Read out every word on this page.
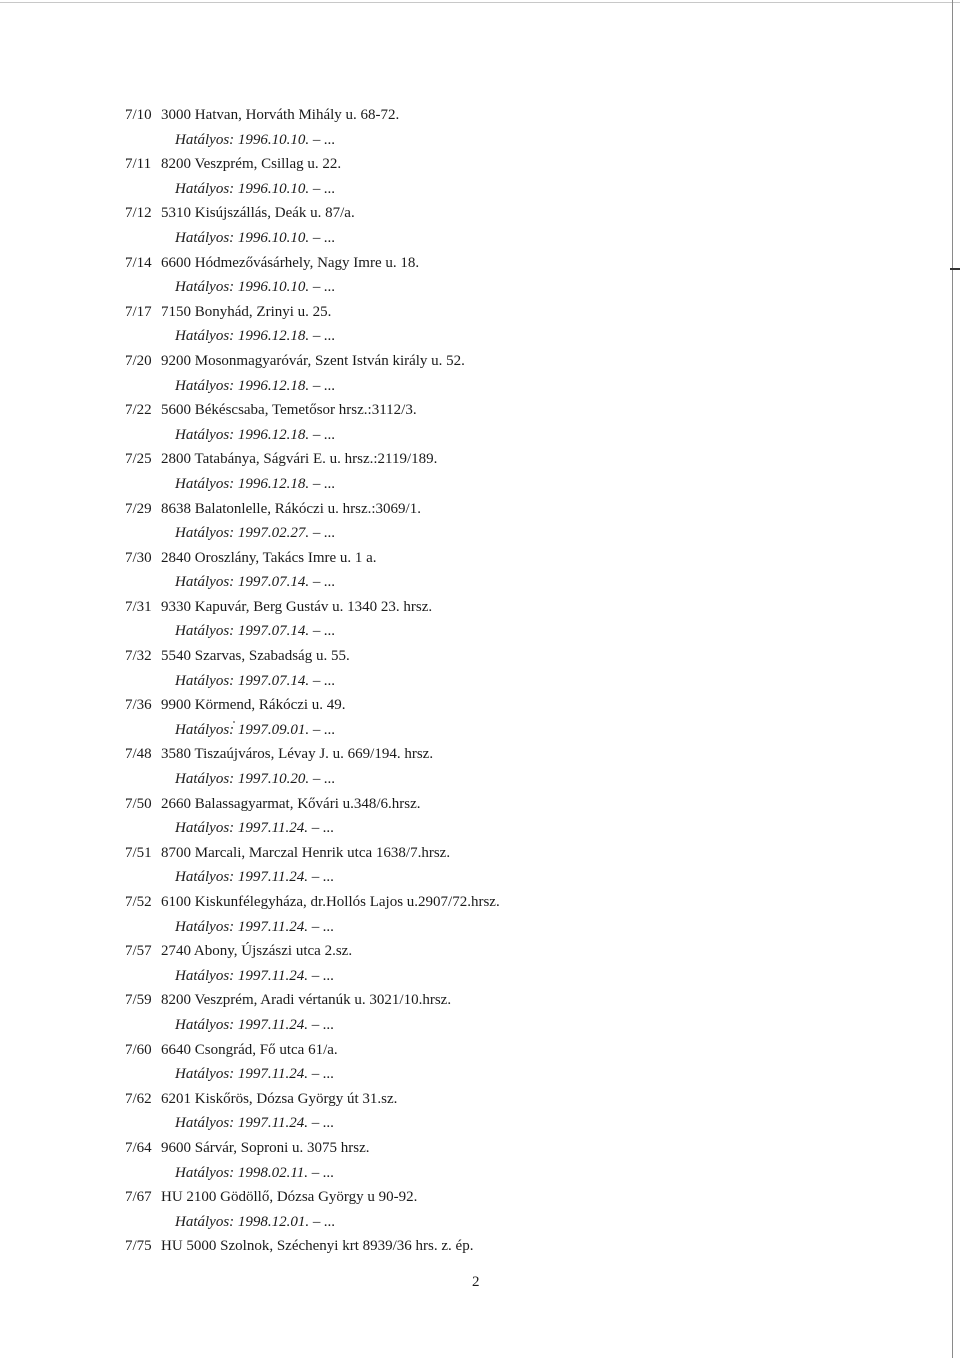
7/10 3000 Hatvan, Horváth Mihály u. 68-72.
Hatályos: 1996.10.10. – ...
7/11 8200 Veszprém, Csillag u. 22.
Hatályos: 1996.10.10. – ...
7/12 5310 Kisújszállás, Deák u. 87/a.
Hatályos: 1996.10.10. – ...
7/14 6600 Hódmezővásárhely, Nagy Imre u. 18.
Hatályos: 1996.10.10. – ...
7/17 7150 Bonyhád, Zrinyi u. 25.
Hatályos: 1996.12.18. – ...
7/20 9200 Mosonmagyaróvár, Szent István király u. 52.
Hatályos: 1996.12.18. – ...
7/22 5600 Békéscsaba, Temetősor hrsz.:3112/3.
Hatályos: 1996.12.18. – ...
7/25 2800 Tatabánya, Ságvári E. u. hrsz.:2119/189.
Hatályos: 1996.12.18. – ...
7/29 8638 Balatonlelle, Rákóczi u. hrsz.:3069/1.
Hatályos: 1997.02.27. – ...
7/30 2840 Oroszlány, Takács Imre u. 1 a.
Hatályos: 1997.07.14. – ...
7/31 9330 Kapuvár, Berg Gustáv u. 1340 23. hrsz.
Hatályos: 1997.07.14. – ...
7/32 5540 Szarvas, Szabadság u. 55.
Hatályos: 1997.07.14. – ...
7/36 9900 Körmend, Rákóczi u. 49.
Hatályos: 1997.09.01. – ...
7/48 3580 Tiszaújváros, Lévay J. u. 669/194. hrsz.
Hatályos: 1997.10.20. – ...
7/50 2660 Balassagyarmat, Kővári u.348/6.hrsz.
Hatályos: 1997.11.24. – ...
7/51 8700 Marcali, Marczal Henrik utca 1638/7.hrsz.
Hatályos: 1997.11.24. – ...
7/52 6100 Kiskunfélegyháza, dr.Hollós Lajos u.2907/72.hrsz.
Hatályos: 1997.11.24. – ...
7/57 2740 Abony, Újszászi utca 2.sz.
Hatályos: 1997.11.24. – ...
7/59 8200 Veszprém, Aradi vértanúk u. 3021/10.hrsz.
Hatályos: 1997.11.24. – ...
7/60 6640 Csongrád, Fő utca 61/a.
Hatályos: 1997.11.24. – ...
7/62 6201 Kiskőrös, Dózsa György út 31.sz.
Hatályos: 1997.11.24. – ...
7/64 9600 Sárvár, Soproni u. 3075 hrsz.
Hatályos: 1998.02.11. – ...
7/67 HU 2100 Gödöllő, Dózsa György u 90-92.
Hatályos: 1998.12.01. – ...
7/75 HU 5000 Szolnok, Széchenyi krt 8939/36 hrs. z. ép.
2
